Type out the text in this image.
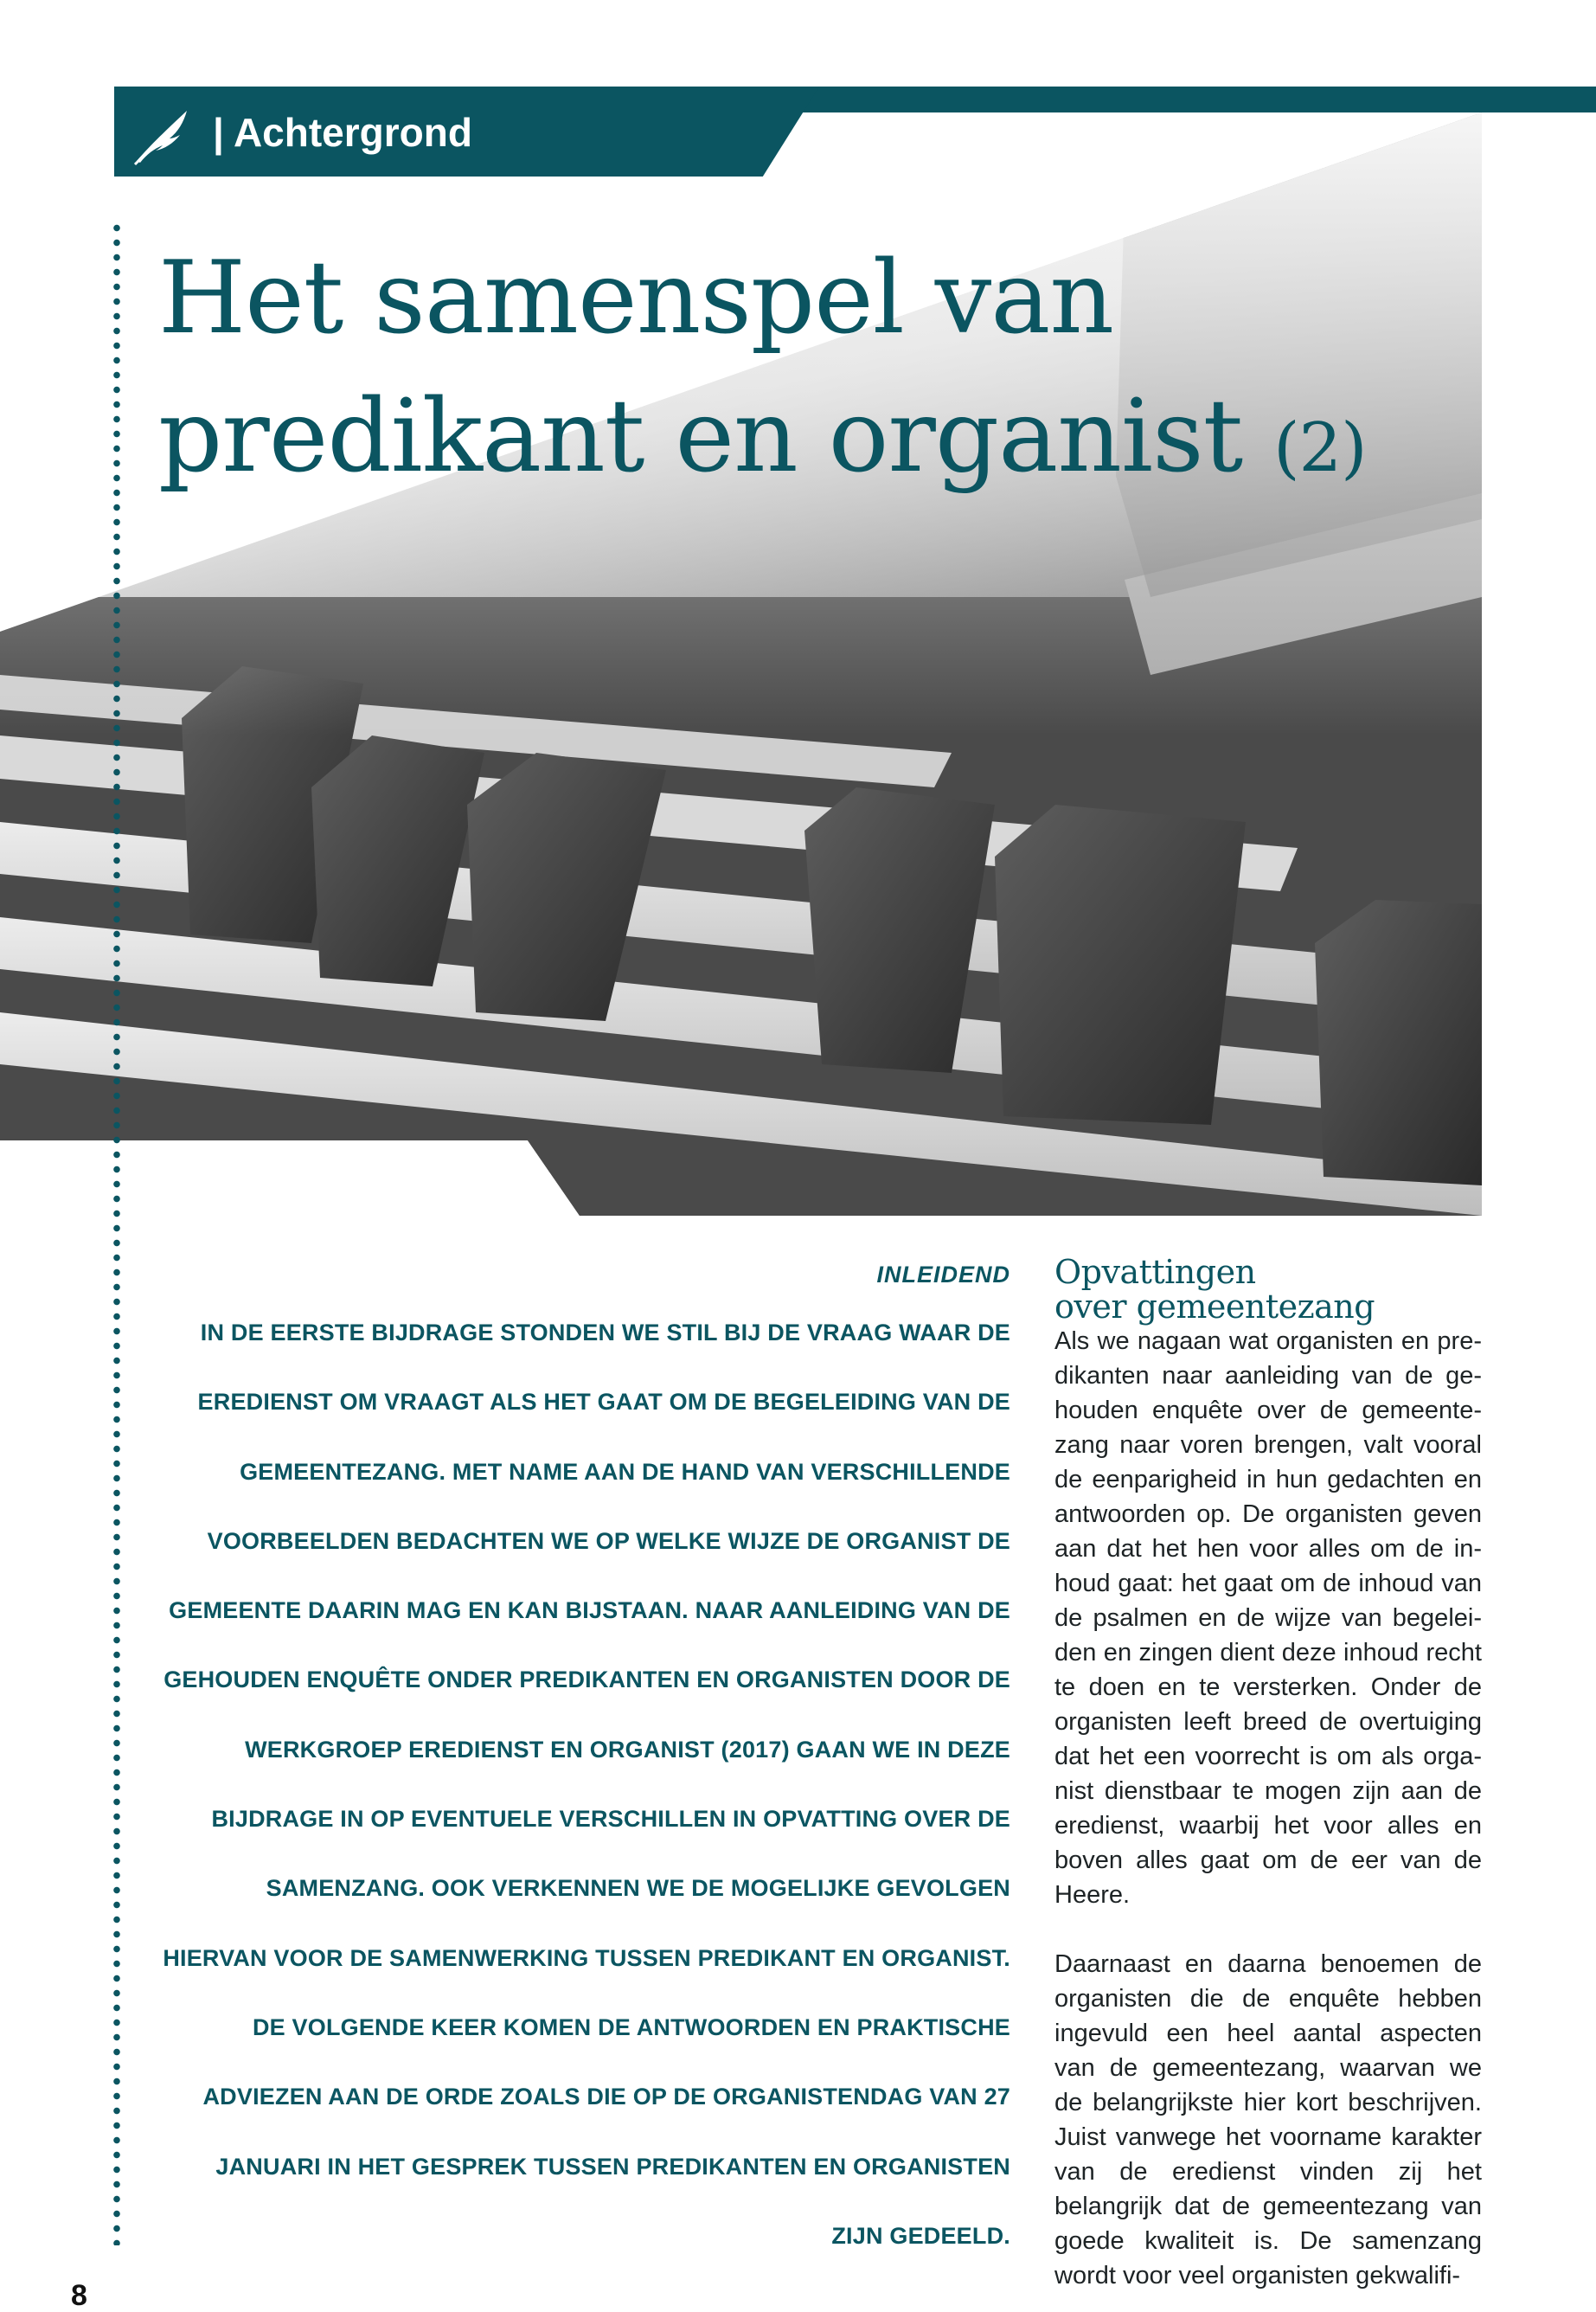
| Achtergrond
Het samenspel van
predikant en organist (2)
INLEIDEND
IN DE EERSTE BIJDRAGE STONDEN WE STIL BIJ DE VRAAG WAAR DE EREDIENST OM VRAAGT ALS HET GAAT OM DE BEGELEIDING VAN DE GEMEENTEZANG. MET NAME AAN DE HAND VAN VERSCHILLENDE VOORBEELDEN BEDACHTEN WE OP WELKE WIJZE DE ORGANIST DE GEMEENTE DAARIN MAG EN KAN BIJSTAAN. NAAR AANLEIDING VAN DE GEHOUDEN ENQUÊTE ONDER PREDIKANTEN EN ORGANISTEN DOOR DE WERKGROEP EREDIENST EN ORGANIST (2017) GAAN WE IN DEZE BIJDRAGE IN OP EVENTUELE VERSCHILLEN IN OPVATTING OVER DE SAMENZANG. OOK VERKENNEN WE DE MOGELIJKE GEVOLGEN HIERVAN VOOR DE SAMENWERKING TUSSEN PREDIKANT EN ORGANIST. DE VOLGENDE KEER KOMEN DE ANTWOORDEN EN PRAKTISCHE ADVIEZEN AAN DE ORDE ZOALS DIE OP DE ORGANISTENDAG VAN 27 JANUARI IN HET GESPREK TUSSEN PREDIKANTEN EN ORGANISTEN ZIJN GEDEELD.
Opvattingen
over gemeentezang

Als we nagaan wat organisten en predikanten naar aanleiding van de gehouden enquête over de gemeentezang naar voren brengen, valt vooral de eenparigheid in hun gedachten en antwoorden op. De organisten geven aan dat het hen voor alles om de inhoud gaat: het gaat om de inhoud van de psalmen en de wijze van begeleiden en zingen dient deze inhoud recht te doen en te versterken. Onder de organisten leeft breed de overtuiging dat het een voorrecht is om als organist dienstbaar te mogen zijn aan de eredienst, waarbij het voor alles en boven alles gaat om de eer van de Heere.

Daarnaast en daarna benoemen de organisten die de enquête hebben ingevuld een heel aantal aspecten van de gemeentezang, waarvan we de belangrijkste hier kort beschrijven. Juist vanwege het voorname karakter van de eredienst vinden zij het belangrijk dat de gemeentezang van goede kwaliteit is. De samenzang wordt voor veel organisten gekwalifi-

8
